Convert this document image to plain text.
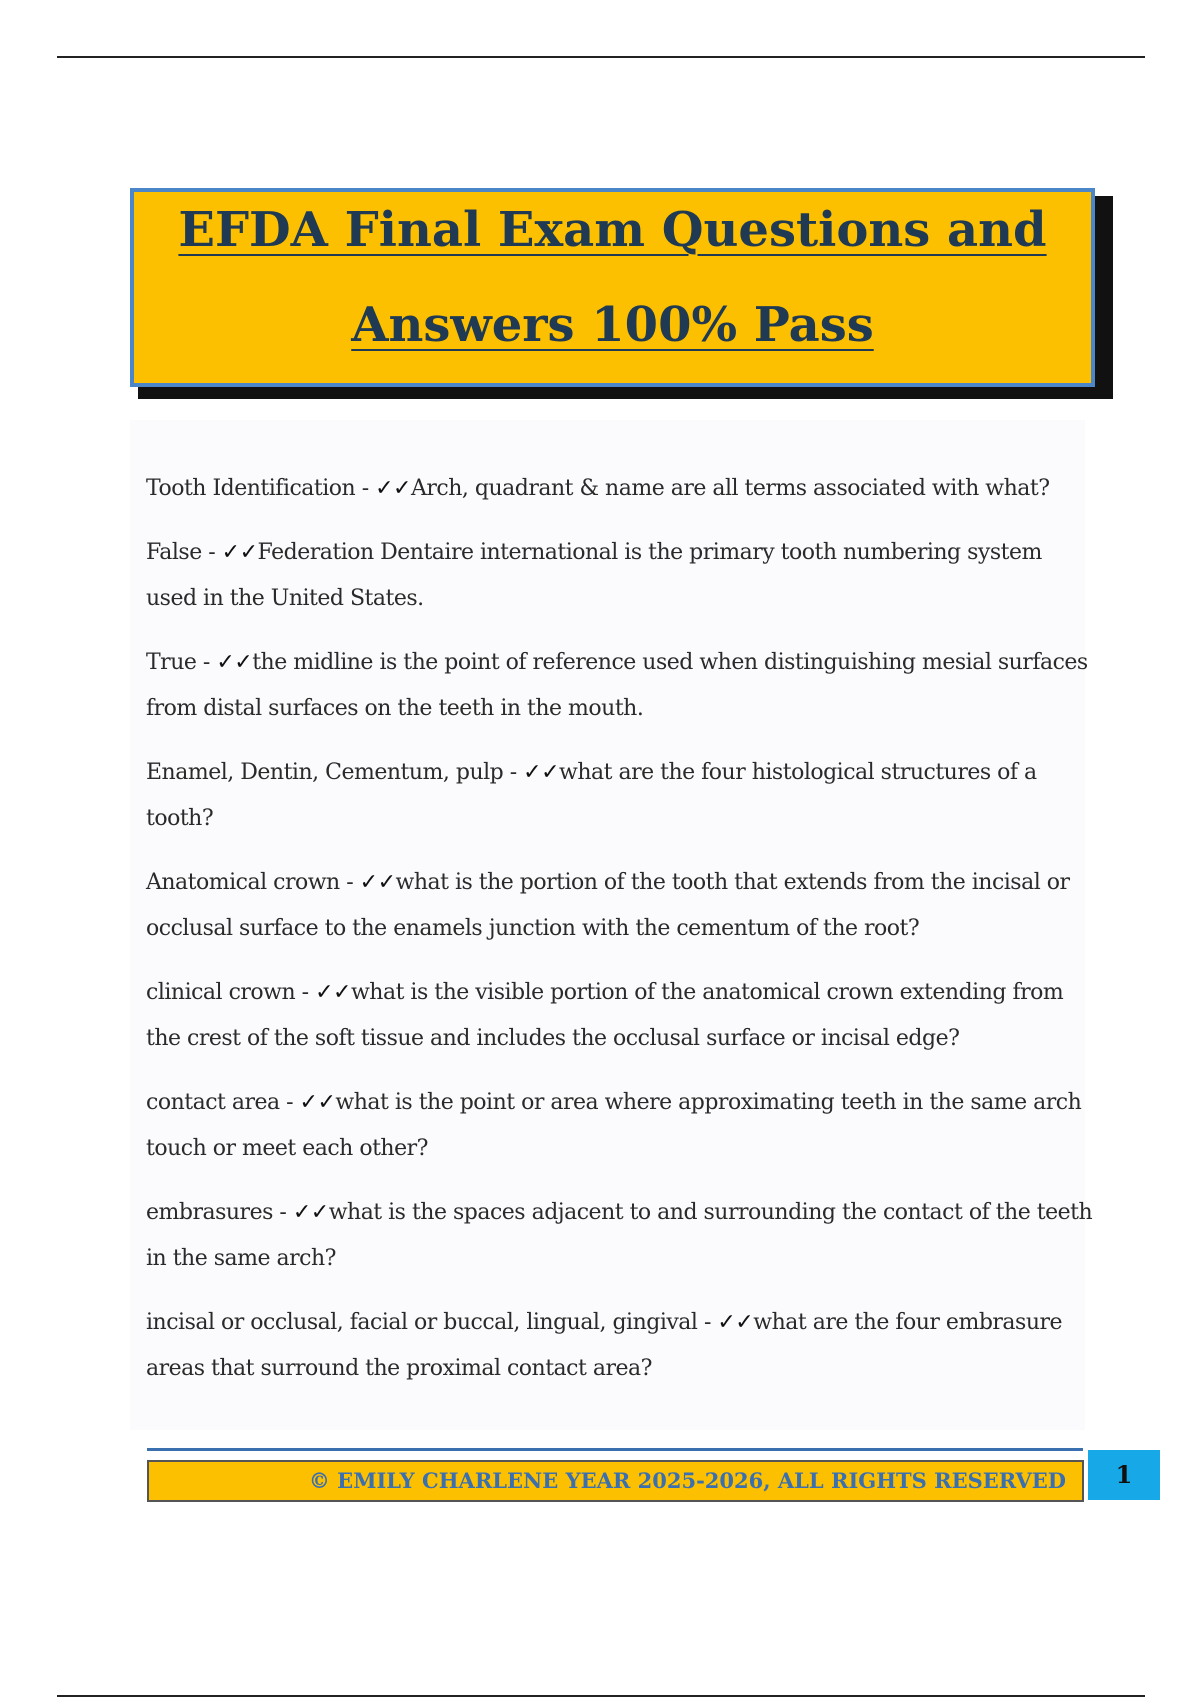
EFDA Final Exam Questions and
Answers 100% Pass

Tooth Identification - ✓✓Arch, quadrant & name are all terms associated with what?

False - ✓✓Federation Dentaire international is the primary tooth numbering system used in the United States.

True - ✓✓the midline is the point of reference used when distinguishing mesial surfaces from distal surfaces on the teeth in the mouth.

Enamel, Dentin, Cementum, pulp - ✓✓what are the four histological structures of a tooth?

Anatomical crown - ✓✓what is the portion of the tooth that extends from the incisal or occlusal surface to the enamels junction with the cementum of the root?

clinical crown - ✓✓what is the visible portion of the anatomical crown extending from the crest of the soft tissue and includes the occlusal surface or incisal edge?

contact area - ✓✓what is the point or area where approximating teeth in the same arch touch or meet each other?

embrasures - ✓✓what is the spaces adjacent to and surrounding the contact of the teeth in the same arch?

incisal or occlusal, facial or buccal, lingual, gingival - ✓✓what are the four embrasure areas that surround the proximal contact area?

© EMILY CHARLENE YEAR 2025-2026, ALL RIGHTS RESERVED	1
